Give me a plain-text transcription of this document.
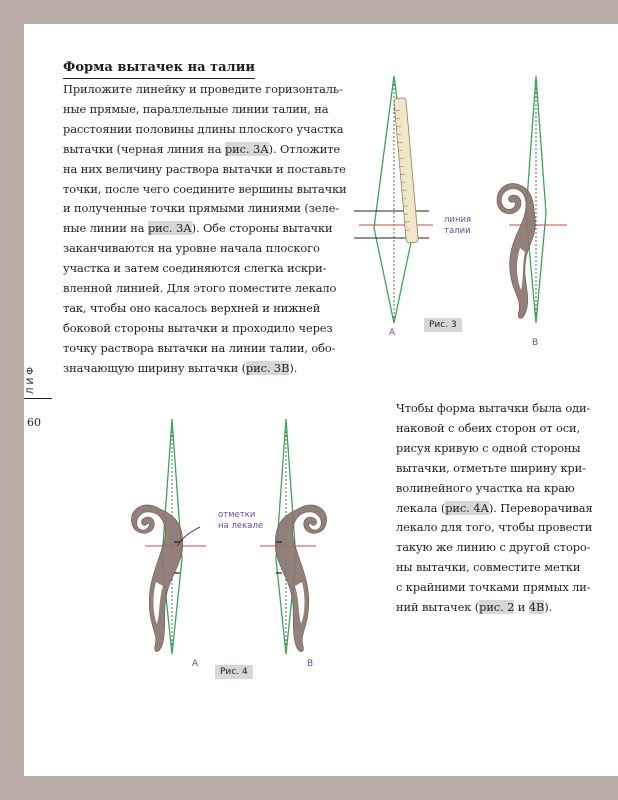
Форма вытачек на талии
Приложите линейку и проведите горизонталь-
ные прямые, параллельные линии талии, на
расстоянии половины длины плоского участка
вытачки (черная линия на рис. 3А). Отложите
на них величину раствора вытачки и поставьте
точки, после чего соедините вершины вытачки
и полученные точки прямыми линиями (зеле-
ные линии на рис. 3А). Обе стороны вытачки
заканчиваются на уровне начала плоского
участка и затем соединяются слегка искри-
вленной линией. Для этого поместите лекало
так, чтобы оно касалось верхней и нижней
боковой стороны вытачки и проходило через
точку раствора вытачки на линии талии, обо-
значающую ширину вытачки (рис. 3В).
Чтобы форма вытачки была оди-
наковой с обеих сторон от оси,
рисуя кривую с одной стороны
вытачки, отметьте ширину кри-
волинейного участка на краю
лекала (рис. 4А). Переворачивая
лекало для того, чтобы провести
такую же линию с другой сторо-
ны вытачки, совместите метки
с крайними точками прямых ли-
ний вытачек (рис. 2 и 4В).
ЛИФ
60
А
В
линия
талии
Рис. 3
отметки
на лекале
А	В
Рис. 4
